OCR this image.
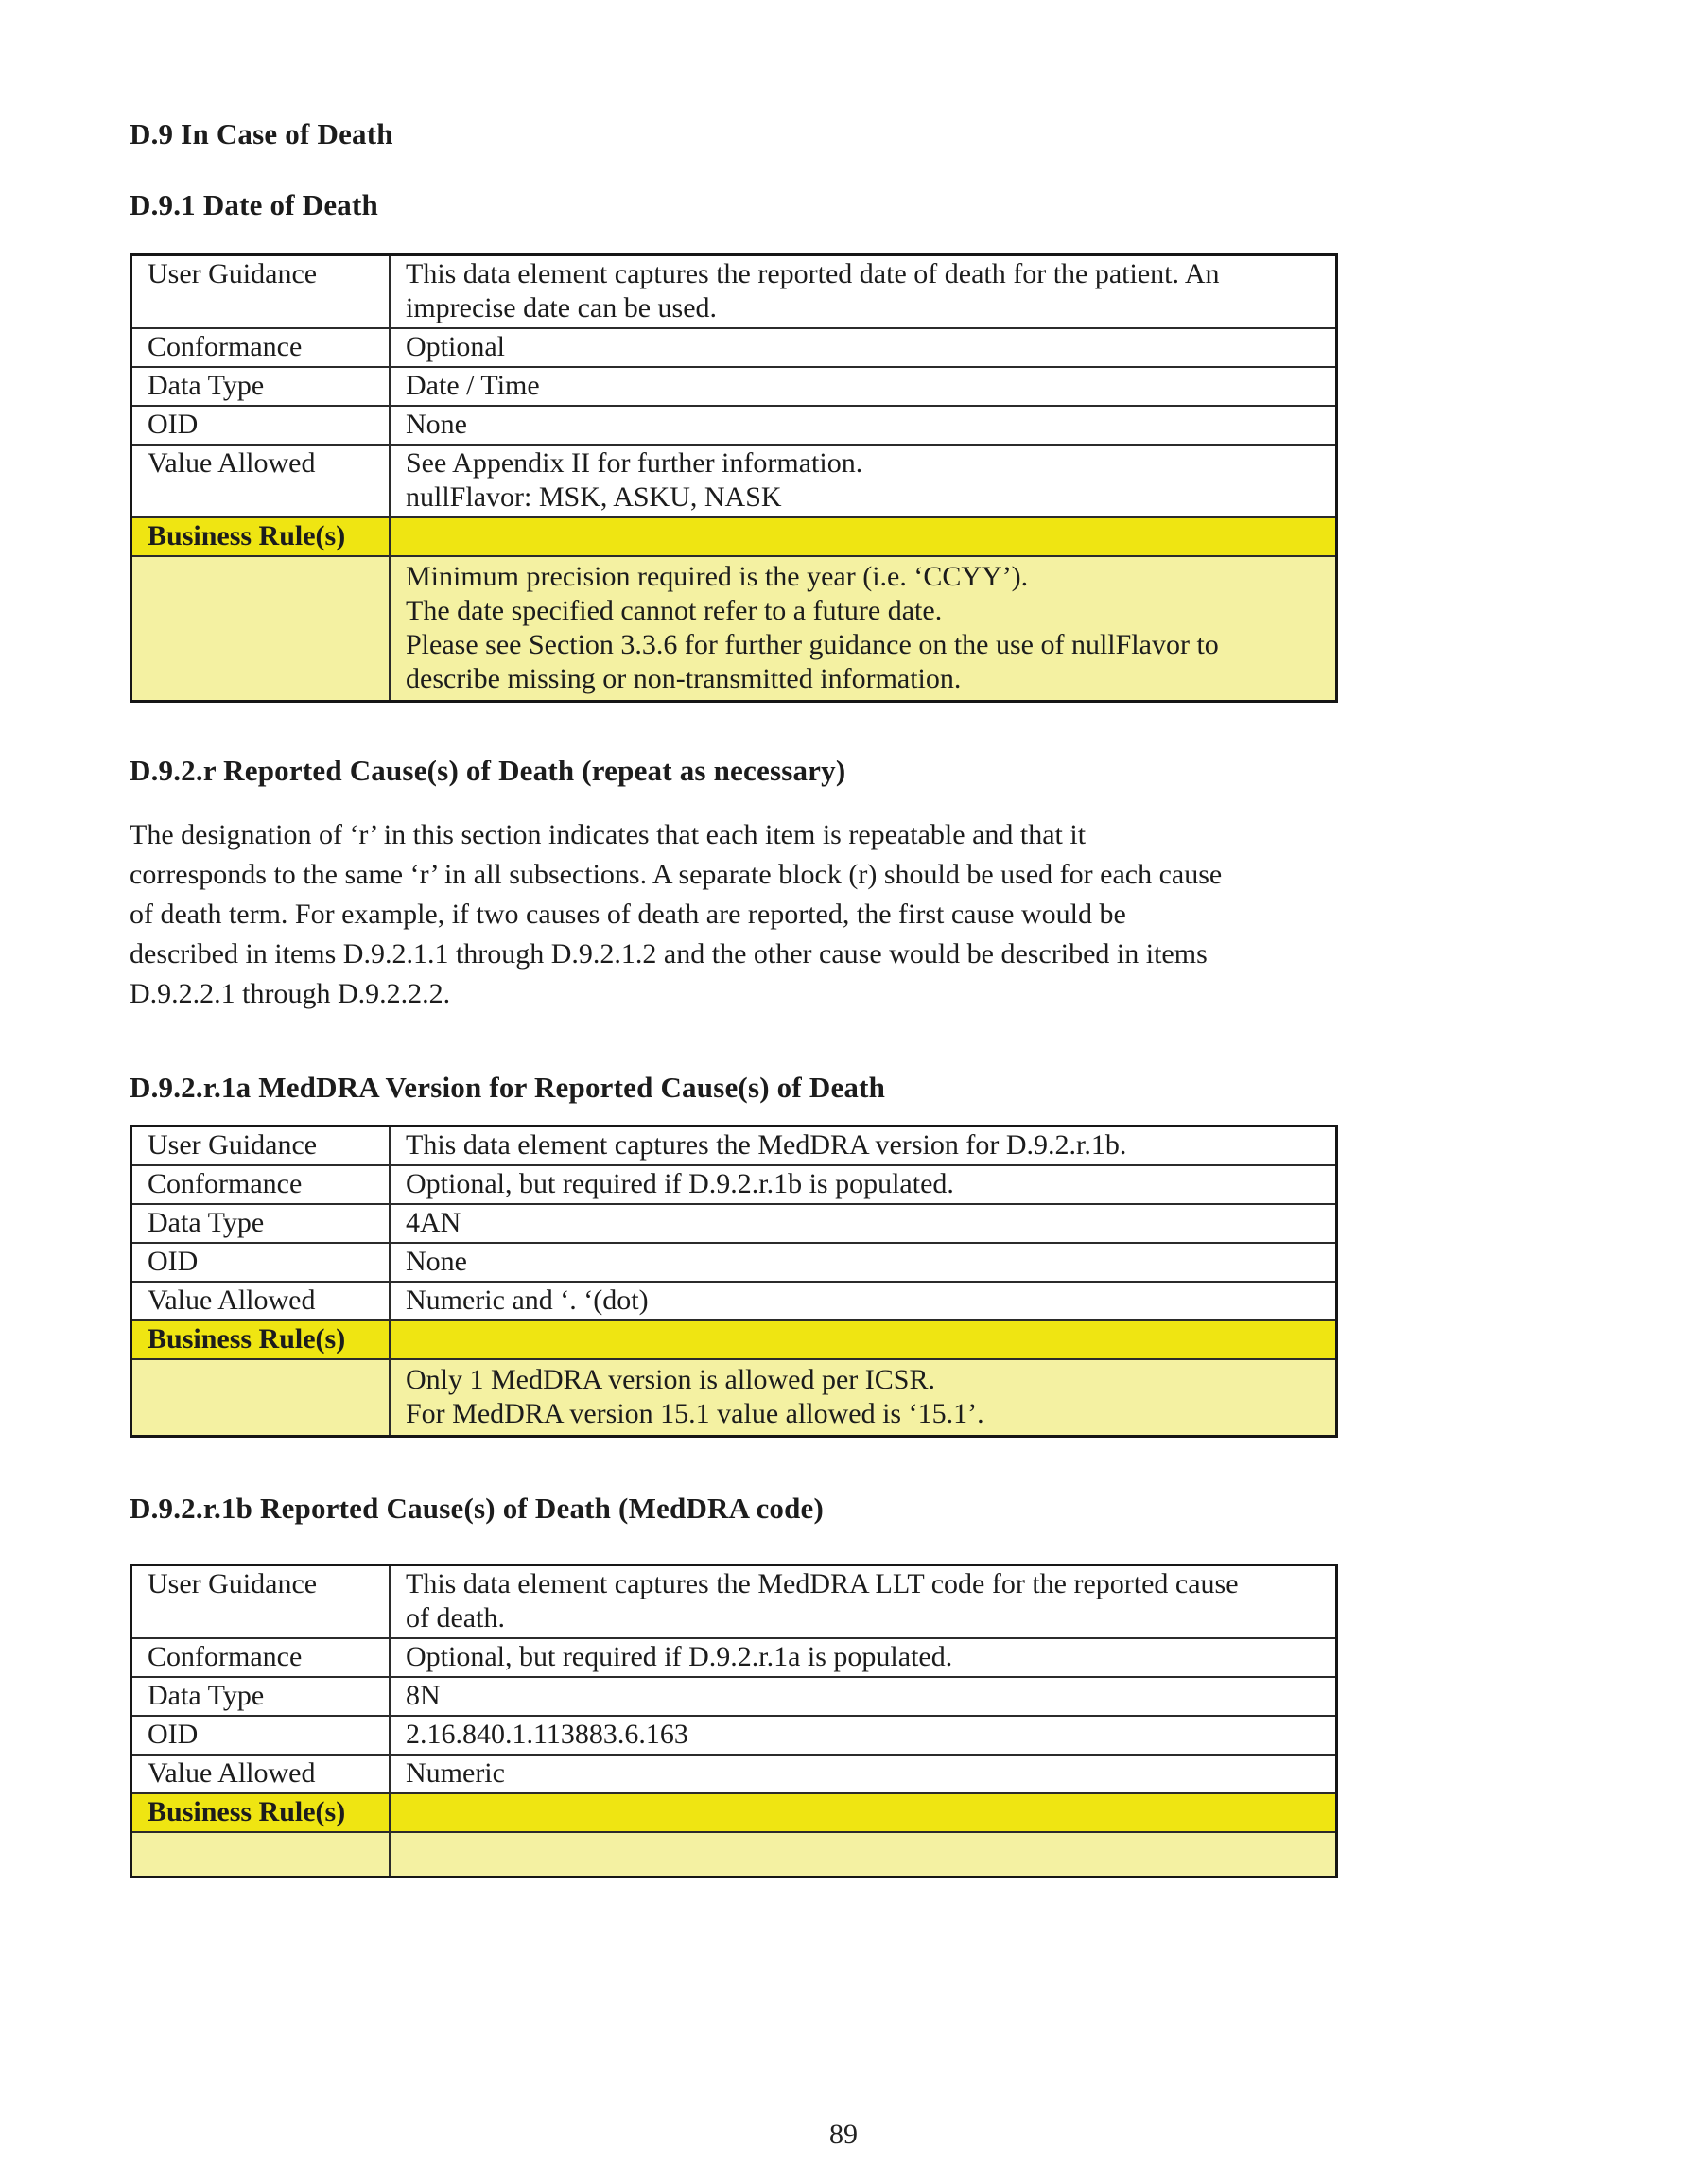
D.9 In Case of Death
D.9.1 Date of Death
User Guidance	This data element captures the reported date of death for the patient. An
imprecise date can be used.

Conformance	Optional

Data Type	Date / Time

OID	None

Value Allowed	See Appendix II for further information.
nullFlavor: MSK, ASKU, NASK

Business Rule(s)	

	Minimum precision required is the year (i.e. ‘CCYY’).
The date specified cannot refer to a future date.
Please see Section 3.3.6 for further guidance on the use of nullFlavor to
describe missing or non-transmitted information.
D.9.2.r Reported Cause(s) of Death (repeat as necessary)
The designation of ‘r’ in this section indicates that each item is repeatable and that it
corresponds to the same ‘r’ in all subsections. A separate block (r) should be used for each cause
of death term. For example, if two causes of death are reported, the first cause would be
described in items D.9.2.1.1 through D.9.2.1.2 and the other cause would be described in items
D.9.2.2.1 through D.9.2.2.2.
D.9.2.r.1a MedDRA Version for Reported Cause(s) of Death
User Guidance	This data element captures the MedDRA version for D.9.2.r.1b.

Conformance	Optional, but required if D.9.2.r.1b is populated.

Data Type	4AN

OID	None

Value Allowed	Numeric and ‘. ‘(dot)

Business Rule(s)	

	Only 1 MedDRA version is allowed per ICSR.
For MedDRA version 15.1 value allowed is ‘15.1’.
D.9.2.r.1b Reported Cause(s) of Death (MedDRA code)
User Guidance	This data element captures the MedDRA LLT code for the reported cause
of death.

Conformance	Optional, but required if D.9.2.r.1a is populated.

Data Type	8N

OID	2.16.840.1.113883.6.163

Value Allowed	Numeric

Business Rule(s)	

89
